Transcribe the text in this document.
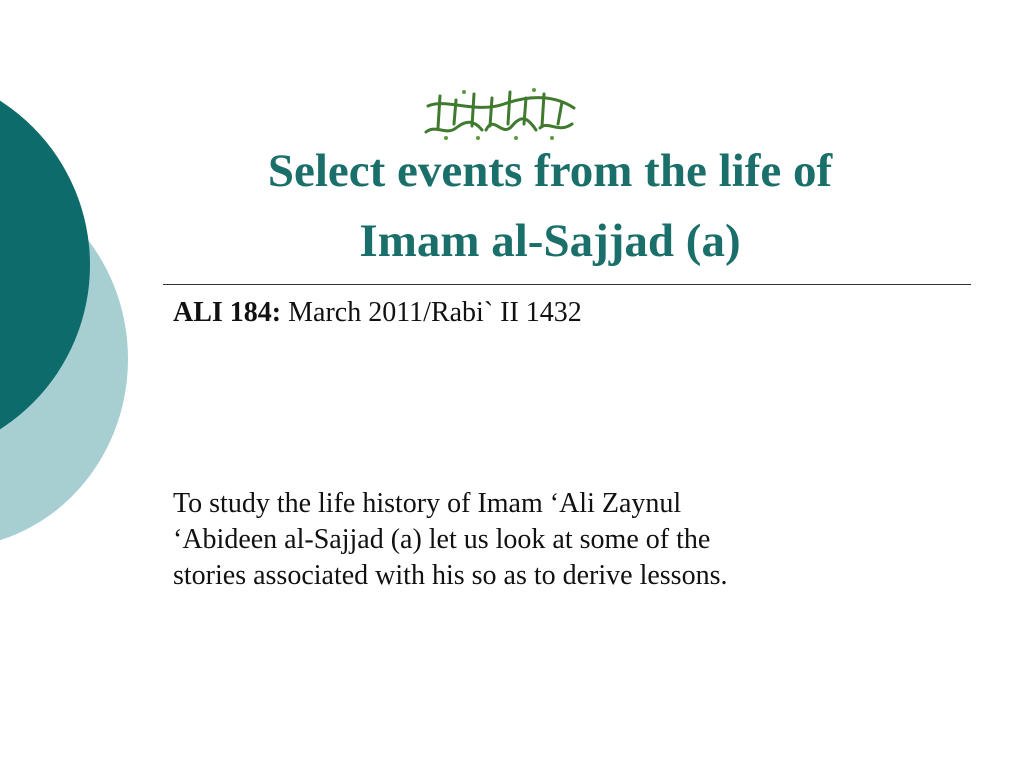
Select events from the life of
Imam al-Sajjad (a)
ALI 184: March 2011/Rabi` II 1432

To study the life history of Imam ‘Ali Zaynul
‘Abideen al-Sajjad (a) let us look at some of the
stories associated with his so as to derive lessons.
